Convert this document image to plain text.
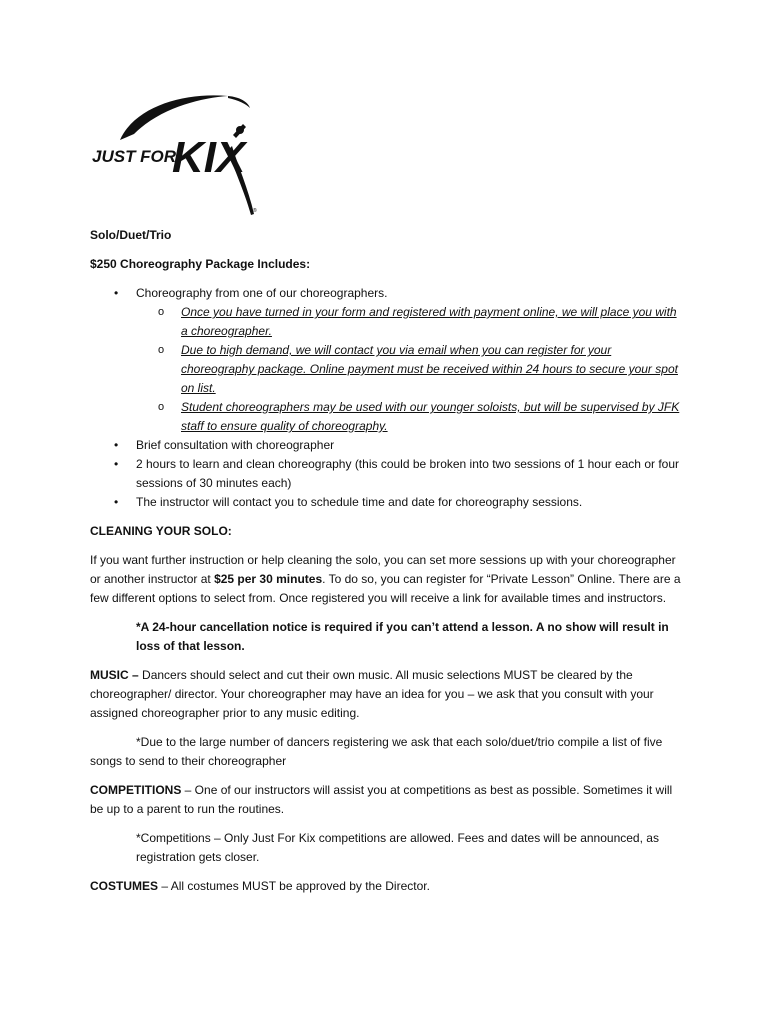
JUST FOR
KIX
®

Solo/Duet/Trio

$250 Choreography Package Includes:

• Choreography from one of our choreographers.
o Once you have turned in your form and registered with payment online, we will place you with a choreographer.
o Due to high demand, we will contact you via email when you can register for your choreography package. Online payment must be received within 24 hours to secure your spot on list.
o Student choreographers may be used with our younger soloists, but will be supervised by JFK staff to ensure quality of choreography.
• Brief consultation with choreographer
• 2 hours to learn and clean choreography (this could be broken into two sessions of 1 hour each or four sessions of 30 minutes each)
• The instructor will contact you to schedule time and date for choreography sessions.

CLEANING YOUR SOLO:

If you want further instruction or help cleaning the solo, you can set more sessions up with your choreographer or another instructor at $25 per 30 minutes. To do so, you can register for “Private Lesson” Online. There are a few different options to select from. Once registered you will receive a link for available times and instructors.

*A 24-hour cancellation notice is required if you can’t attend a lesson. A no show will result in loss of that lesson.

MUSIC – Dancers should select and cut their own music. All music selections MUST be cleared by the choreographer/ director. Your choreographer may have an idea for you – we ask that you consult with your assigned choreographer prior to any music editing.

*Due to the large number of dancers registering we ask that each solo/duet/trio compile a list of five songs to send to their choreographer

COMPETITIONS – One of our instructors will assist you at competitions as best as possible. Sometimes it will be up to a parent to run the routines.

*Competitions – Only Just For Kix competitions are allowed. Fees and dates will be announced, as registration gets closer.

COSTUMES – All costumes MUST be approved by the Director.
